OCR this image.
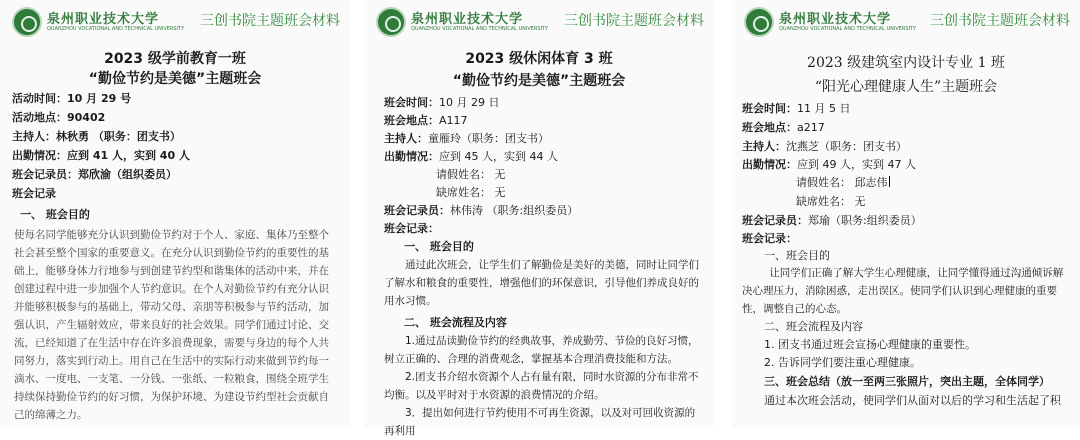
泉州职业技术大学
QUANZHOU VOCATIONAL AND TECHNICAL UNIVERSITY 三创书院主题班会材料
2023 级学前教育一班
“勤俭节约是美德”主题班会
活动时间：10 月 29 号
活动地点：90402
主持人：林秋勇 （职务：团支书）
出勤情况：应到 41 人，实到 40 人
班会记录员：郑欣渝（组织委员）
班会记录
一、 班会目的
使每名同学能够充分认识到勤俭节约对于个人、家庭、集体乃至整个社会甚至整个国家的重要意义。在充分认识到勤俭节约的重要性的基础上，能够身体力行地参与到创建节约型和谐集体的活动中来，并在创建过程中进一步加强个人节约意识。在个人对勤俭节约有充分认识并能够积极参与的基础上，带动父母、亲朋等积极参与节约活动，加强认识，产生辐射效应，带来良好的社会效果。同学们通过讨论、交流，已经知道了在生活中存在许多浪费现象，需要与身边的每个人共同努力，落实到行动上。用自己在生活中的实际行动来做到节约每一滴水、一度电、一支笔、一分钱、一张纸、一粒粮食，围绕全班学生持续保持勤俭节约的好习惯，为保护环境、为建设节约型社会贡献自己的绵薄之力。
泉州职业技术大学
QUANZHOU VOCATIONAL AND TECHNICAL UNIVERSITY 三创书院主题班会材料
2023 级休闲体育 3 班
“勤俭节约是美德”主题班会
班会时间：10 月 29 日
班会地点：A117
主持人：童雁玲（职务：团支书）
出勤情况：应到 45 人，实到 44 人
请假姓名： 无
缺席姓名： 无
班会记录员：林伟涛 （职务:组织委员）
班会记录：
一、 班会目的
通过此次班会，让学生们了解勤俭是美好的美德，同时让同学们了解水和粮食的重要性，增强他们的环保意识，引导他们养成良好的用水习惯。
二、 班会流程及内容
1.通过品读勤俭节约的经典故事，养成勤劳、节俭的良好习惯，树立正确的、合理的消费观念，掌握基本合理消费技能和方法。
2.团支书介绍水资源个人占有量有限，同时水资源的分布非常不均衡。以及平时对于水资源的浪费情况的介绍。
3．提出如何进行节约使用不可再生资源，以及对可回收资源的再利用
泉州职业技术大学
QUANZHOU VOCATIONAL AND TECHNICAL UNIVERSITY 三创书院主题班会材料
2023 级建筑室内设计专业 1 班
“阳光心理健康人生”主题班会
班会时间：11 月 5 日
班会地点：a217
主持人：沈燕芝（职务：团支书）
出勤情况：应到 49 人，实到 47 人
请假姓名： 邱志伟
缺席姓名： 无
班会记录员：郑瑜（职务:组织委员）
班会记录：
一、班会目的
让同学们正确了解大学生心理健康，让同学懂得通过沟通倾诉解决心理压力，消除困惑，走出误区。使同学们认识到心理健康的重要性，调整自己的心态。
二、班会流程及内容
1. 团支书通过班会宣扬心理健康的重要性。
2. 告诉同学们要注重心理健康。
三、班会总结（放一至两三张照片，突出主题，全体同学）
通过本次班会活动，使同学们从面对以后的学习和生活起了积
